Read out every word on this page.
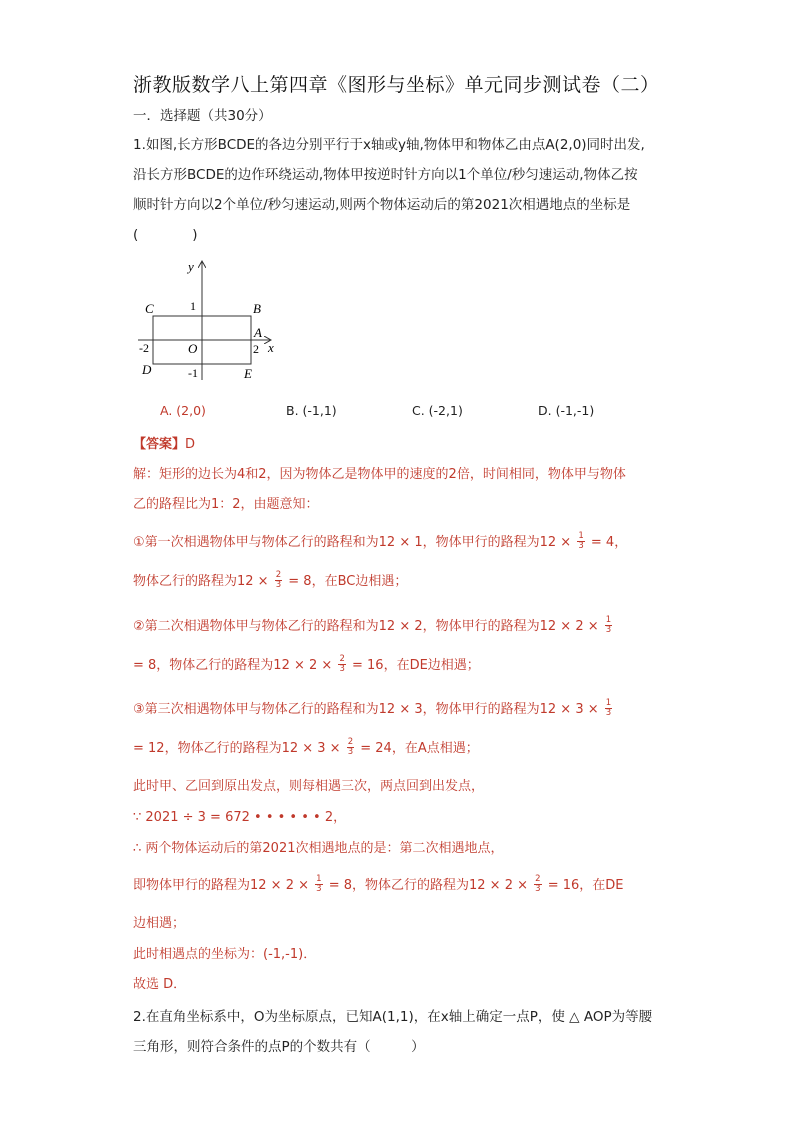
浙教版数学八上第四章《图形与坐标》单元同步测试卷（二）
一．选择题（共30分）
1.如图,长方形BCDE的各边分别平行于x轴或y轴,物体甲和物体乙由点A(2,0)同时出发,
沿长方形BCDE的边作环绕运动,物体甲按逆时针方向以1个单位/秒匀速运动,物体乙按
顺时针方向以2个单位/秒匀速运动,则两个物体运动后的第2021次相遇地点的坐标是
(　　　　)
y
C	1	B
A
-2	O	2 x
D	-1	E
A. (2,0)	B. (-1,1)	C. (-2,1)	D. (-1,-1)
【答案】D
解：矩形的边长为4和2，因为物体乙是物体甲的速度的2倍，时间相同，物体甲与物体
乙的路程比为1：2，由题意知：
①第一次相遇物体甲与物体乙行的路程和为12 × 1，物体甲行的路程为$12 \times \frac{1}{3} = 4$，
物体乙行的路程为$12 \times \frac{2}{3} = 8$，在BC边相遇；
②第二次相遇物体甲与物体乙行的路程和为12 × 2，物体甲行的路程为$12 \times 2 \times \frac{1}{3}$
= 8，物体乙行的路程为$12 \times 2 \times \frac{2}{3} = 16$，在DE边相遇；
③第三次相遇物体甲与物体乙行的路程和为12 × 3，物体甲行的路程为$12 \times 3 \times \frac{1}{3}$
= 12，物体乙行的路程为$12 \times 3 \times \frac{2}{3} = 24$，在A点相遇；
此时甲、乙回到原出发点，则每相遇三次，两点回到出发点，
∵ 2021 ÷ 3 = 672 • • • • • • 2，
∴ 两个物体运动后的第2021次相遇地点的是：第二次相遇地点，
即物体甲行的路程为$12 \times 2 \times \frac{1}{3} = 8$，物体乙行的路程为$12 \times 2 \times \frac{2}{3} = 16$，在DE
边相遇；
此时相遇点的坐标为：(-1,-1)．
故选 D．
2.在直角坐标系中，O为坐标原点，已知A(1,1)，在x轴上确定一点P，使 △ AOP为等腰
三角形，则符合条件的点P的个数共有（　　　）
